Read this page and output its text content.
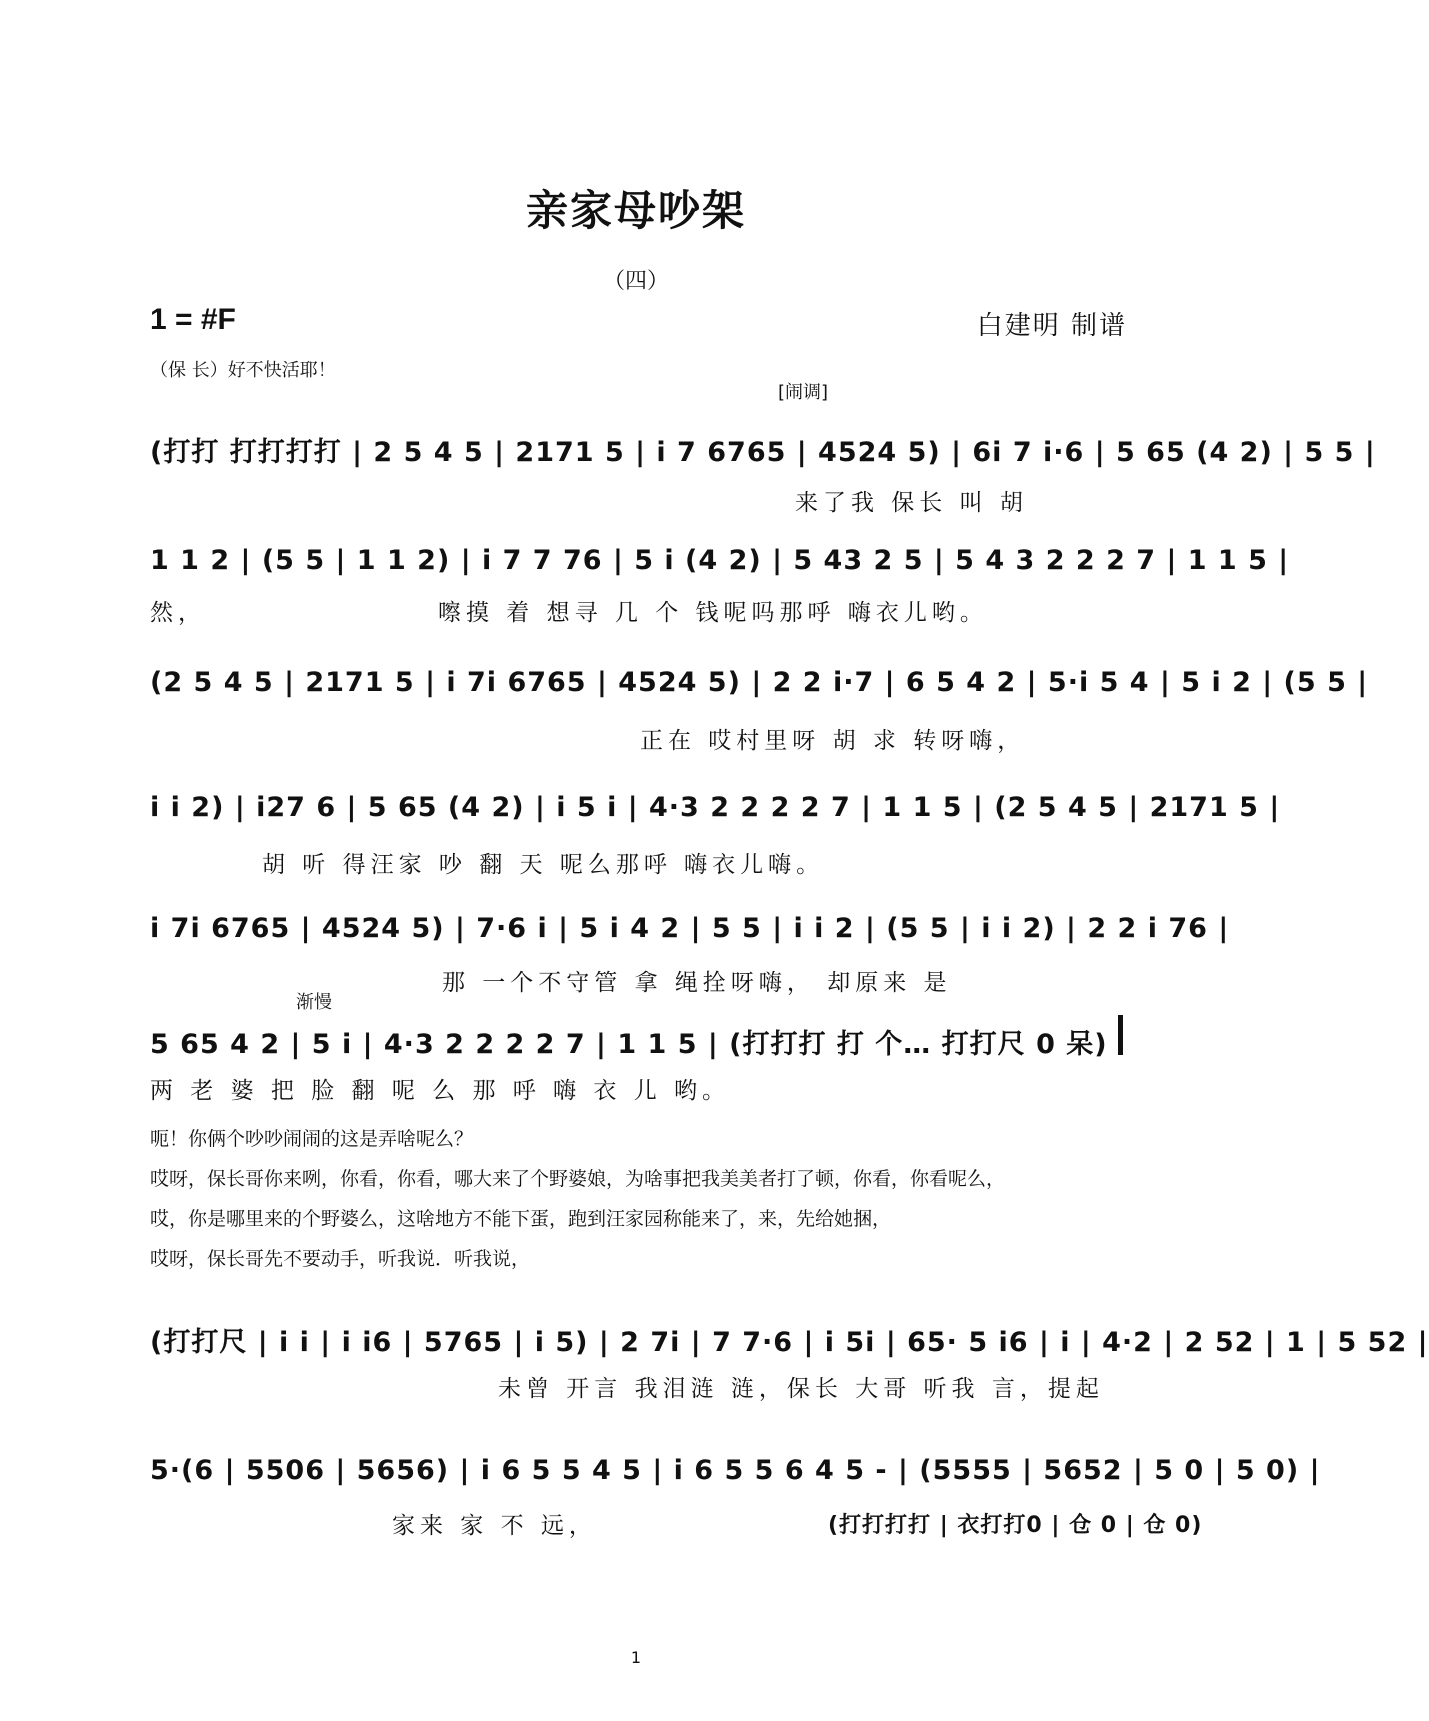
亲家母吵架
（四）
1 = #F	白建明 制谱
（保 长）好不快活耶！
[闹调]
(打打 打打打打 | 2 5 4 5 | 2171 5 | i 7 6765 | 4524 5) | 6i 7 i·6 | 5 65 (4 2) | 5 5 |
来了我 保长 叫 胡
1 1 2 | (5 5 | 1 1 2) | i 7 7 76 | 5 i (4 2) | 5 43 2 5 | 5 4 3 2 2 2 7 | 1 1 5 |
然，	嚓摸 着 想寻 几 个 钱呢吗那呼 嗨衣儿哟。
(2 5 4 5 | 2171 5 | i 7i 6765 | 4524 5) | 2 2 i·7 | 6 5 4 2 | 5·i 5 4 | 5 i 2 | (5 5 |
正在 哎村里呀 胡 求 转呀嗨，
i i 2) | i27 6 | 5 65 (4 2) | i 5 i | 4·3 2 2 2 2 7 | 1 1 5 | (2 5 4 5 | 2171 5 |
胡 听 得汪家 吵 翻 天 呢么那呼 嗨衣儿嗨。
i 7i 6765 | 4524 5) | 7·6 i | 5 i 4 2 | 5 5 | i i 2 | (5 5 | i i 2) | 2 2 i 76 |
那 一个不守管 拿 绳拴呀嗨， 却原来 是
渐慢
5 65 4 2 | 5 i | 4·3 2 2 2 2 7 | 1 1 5 | (打打打 打 个… 打打尺 0 呆)
两 老 婆 把 脸 翻 呢 么 那 呼 嗨 衣 儿 哟。
呃！你俩个吵吵闹闹的这是弄啥呢么？
哎呀，保长哥你来咧，你看，你看，哪大来了个野婆娘，为啥事把我美美者打了顿，你看，你看呢么，
哎，你是哪里来的个野婆么，这啥地方不能下蛋，跑到汪家园称能来了，来，先给她捆，
哎呀，保长哥先不要动手，听我说．听我说，
(打打尺 | i i | i i6 | 5765 | i 5) | 2 7i | 7 7·6 | i 5i | 65· 5 i6 | i | 4·2 | 2 52 | 1 | 5 52 |
未曾 开言 我泪涟 涟，保长 大哥 听我 言，提起
5·(6 | 5506 | 5656) | i 6 5 5 4 5 | i 6 5 5 6 4 5 - | (5555 | 5652 | 5 0 | 5 0) |
家来 家 不 远，	(打打打打 | 衣打打0 | 仓 0 | 仓 0)
1
